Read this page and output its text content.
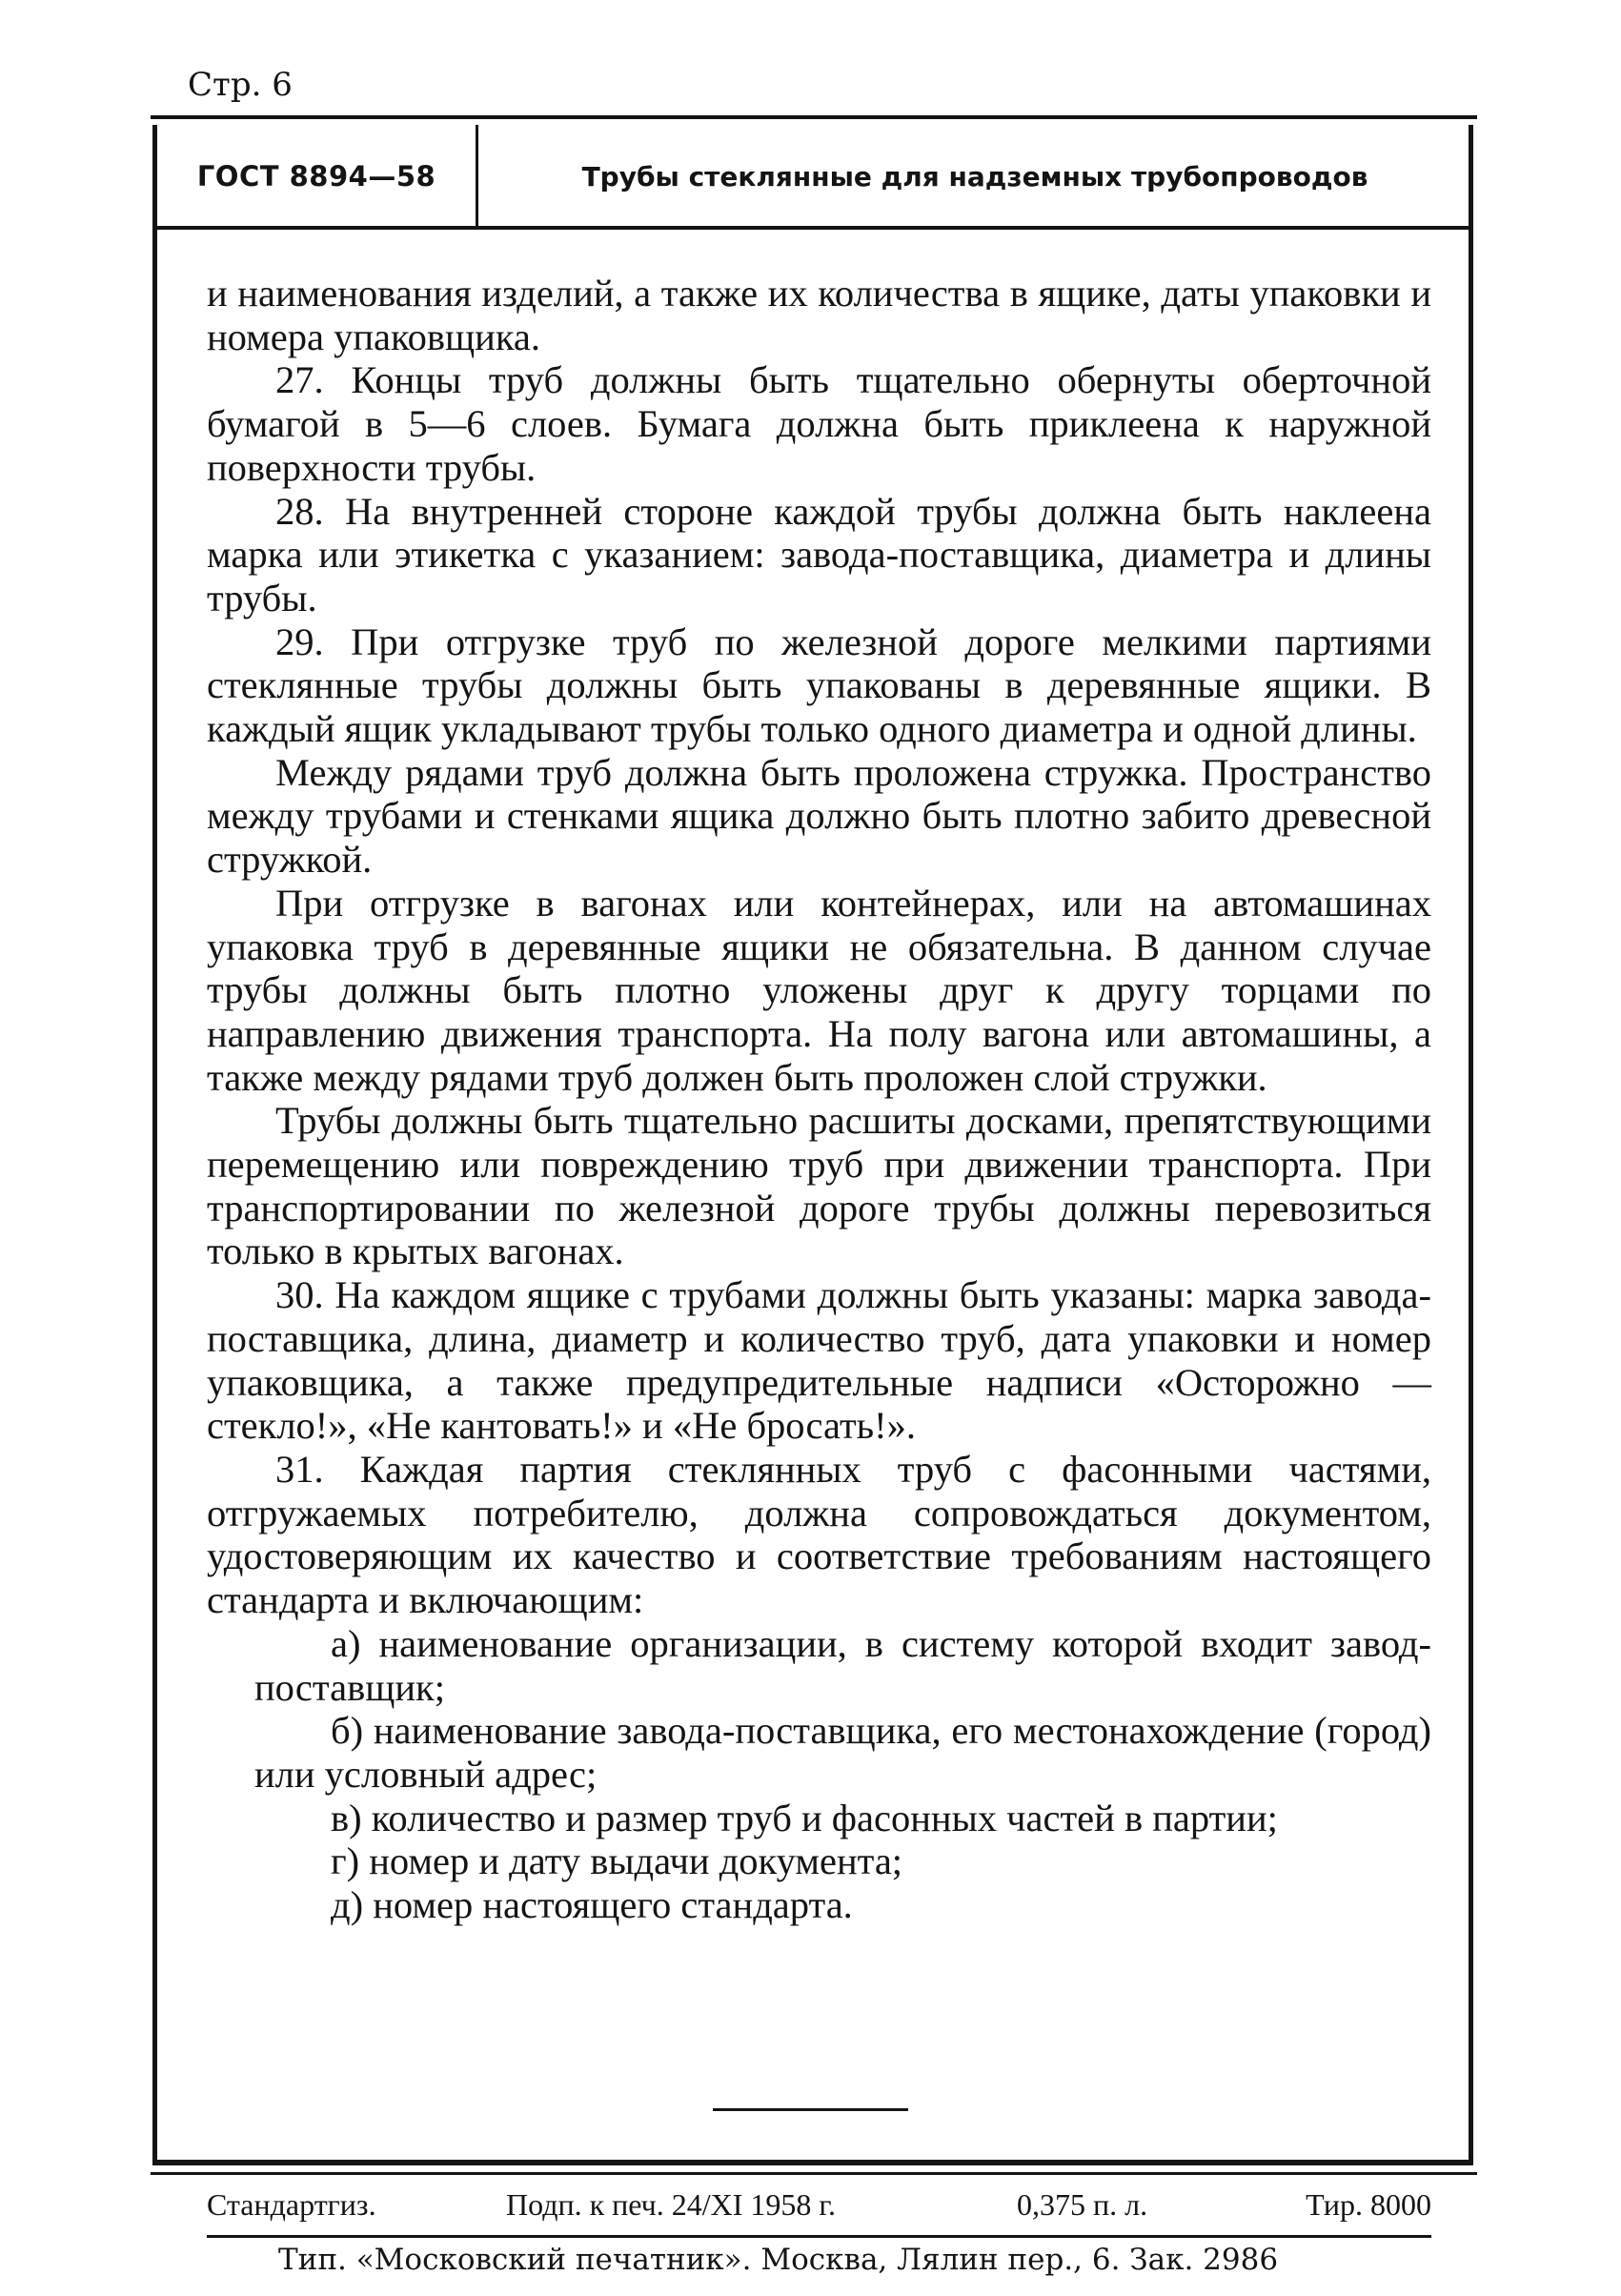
Стр. 6
ГОСТ 8894—58	Трубы стеклянные для надземных трубопроводов

и наименования изделий, а также их количества в ящике, даты упаковки и номера упаковщика.

27. Концы труб должны быть тщательно обернуты оберточной бумагой в 5—6 слоев. Бумага должна быть приклеена к наружной поверхности трубы.

28. На внутренней стороне каждой трубы должна быть наклеена марка или этикетка с указанием: завода-поставщика, диаметра и длины трубы.

29. При отгрузке труб по железной дороге мелкими партиями стеклянные трубы должны быть упакованы в деревянные ящики. В каждый ящик укладывают трубы только одного диаметра и одной длины.

Между рядами труб должна быть проложена стружка. Пространство между трубами и стенками ящика должно быть плотно забито древесной стружкой.

При отгрузке в вагонах или контейнерах, или на автомашинах упаковка труб в деревянные ящики не обязательна. В данном случае трубы должны быть плотно уложены друг к другу торцами по направлению движения транспорта. На полу вагона или автомашины, а также между рядами труб должен быть проложен слой стружки.

Трубы должны быть тщательно расшиты досками, препятствующими перемещению или повреждению труб при движении транспорта. При транспортировании по железной дороге трубы должны перевозиться только в крытых вагонах.

30. На каждом ящике с трубами должны быть указаны: марка завода-поставщика, длина, диаметр и количество труб, дата упаковки и номер упаковщика, а также предупредительные надписи «Осторожно — стекло!», «Не кантовать!» и «Не бросать!».

31. Каждая партия стеклянных труб с фасонными частями, отгружаемых потребителю, должна сопровождаться документом, удостоверяющим их качество и соответствие требованиям настоящего стандарта и включающим:

а) наименование организации, в систему которой входит завод-поставщик;

б) наименование завода-поставщика, его местонахождение (город) или условный адрес;

в) количество и размер труб и фасонных частей в партии;

г) номер и дату выдачи документа;

д) номер настоящего стандарта.

Стандартгиз.	Подп. к печ. 24/XI 1958 г.	0,375 п. л.	Тир. 8000
Тип. «Московский печатник». Москва, Лялин пер., 6. Зак. 2986
